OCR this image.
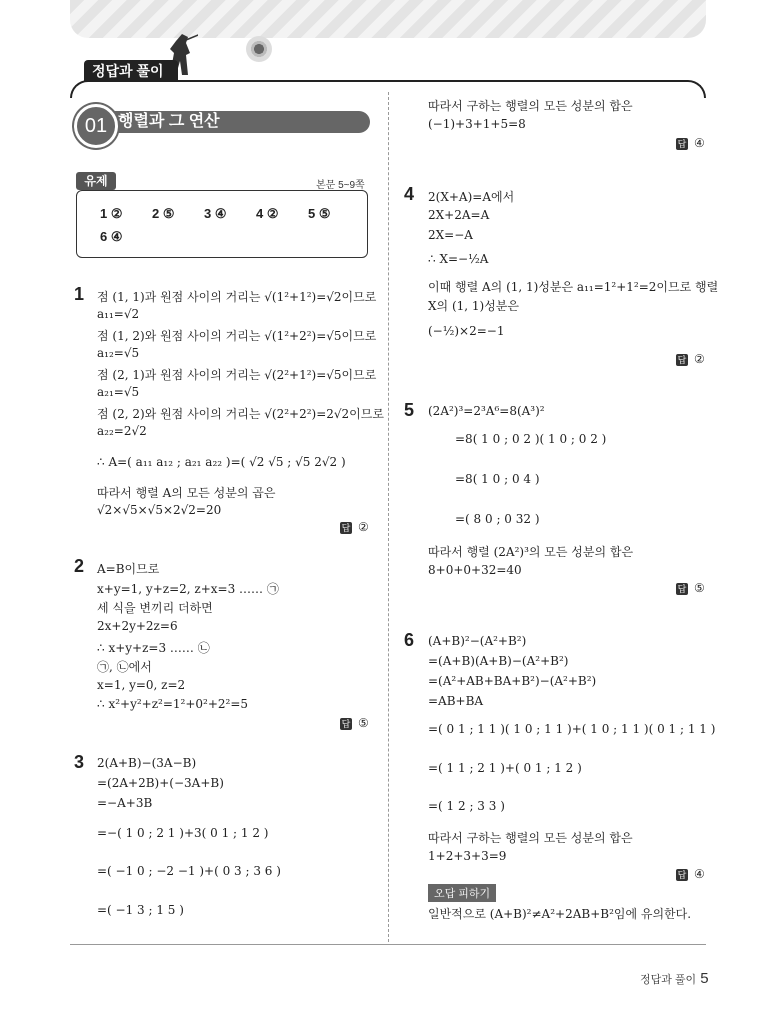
정답과 풀이
01 행렬과 그 연산
유제	본문 5~9쪽
1 ② 2 ⑤ 3 ④ 4 ② 5 ⑤
6 ④
1 점 (1, 1)과 원점 사이의 거리는 √(1²+1²)=√2이므로
a₁₁=√2
점 (1, 2)와 원점 사이의 거리는 √(1²+2²)=√5이므로
a₁₂=√5
점 (2, 1)과 원점 사이의 거리는 √(2²+1²)=√5이므로
a₂₁=√5
점 (2, 2)와 원점 사이의 거리는 √(2²+2²)=2√2이므로
a₂₂=2√2
∴ A=( a₁₁ a₁₂ ; a₂₁ a₂₂ )=( √2 √5 ; √5 2√2 )
따라서 행렬 A의 모든 성분의 곱은
√2×√5×√5×2√2=20
답 ②
2 A=B이므로
x+y=1, y+z=2, z+x=3 …… ㉠
세 식을 변끼리 더하면
2x+2y+2z=6
∴ x+y+z=3 …… ㉡
㉠, ㉡에서
x=1, y=0, z=2
∴ x²+y²+z²=1²+0²+2²=5
답 ⑤
3 2(A+B)−(3A−B)
=(2A+2B)+(−3A+B)
=−A+3B
=−( 1 0 ; 2 1 )+3( 0 1 ; 1 2 )
=( −1 0 ; −2 −1 )+( 0 3 ; 3 6 )
=( −1 3 ; 1 5 )
따라서 구하는 행렬의 모든 성분의 합은
(−1)+3+1+5=8
답 ④
4 2(X+A)=A에서
2X+2A=A
2X=−A
∴ X=−½A
이때 행렬 A의 (1, 1)성분은 a₁₁=1²+1²=2이므로 행렬
X의 (1, 1)성분은
(−½)×2=−1
답 ②
5 (2A²)³=2³A⁶=8(A³)²
=8( 1 0 ; 0 2 )( 1 0 ; 0 2 )
=8( 1 0 ; 0 4 )
=( 8 0 ; 0 32 )
따라서 행렬 (2A²)³의 모든 성분의 합은
8+0+0+32=40
답 ⑤
6 (A+B)²−(A²+B²)
=(A+B)(A+B)−(A²+B²)
=(A²+AB+BA+B²)−(A²+B²)
=AB+BA
=( 0 1 ; 1 1 )( 1 0 ; 1 1 )+( 1 0 ; 1 1 )( 0 1 ; 1 1 )
=( 1 1 ; 2 1 )+( 0 1 ; 1 2 )
=( 1 2 ; 3 3 )
따라서 구하는 행렬의 모든 성분의 합은
1+2+3+3=9
답 ④
오답 피하기
일반적으로 (A+B)²≠A²+2AB+B²임에 유의한다.
정답과 풀이 5
